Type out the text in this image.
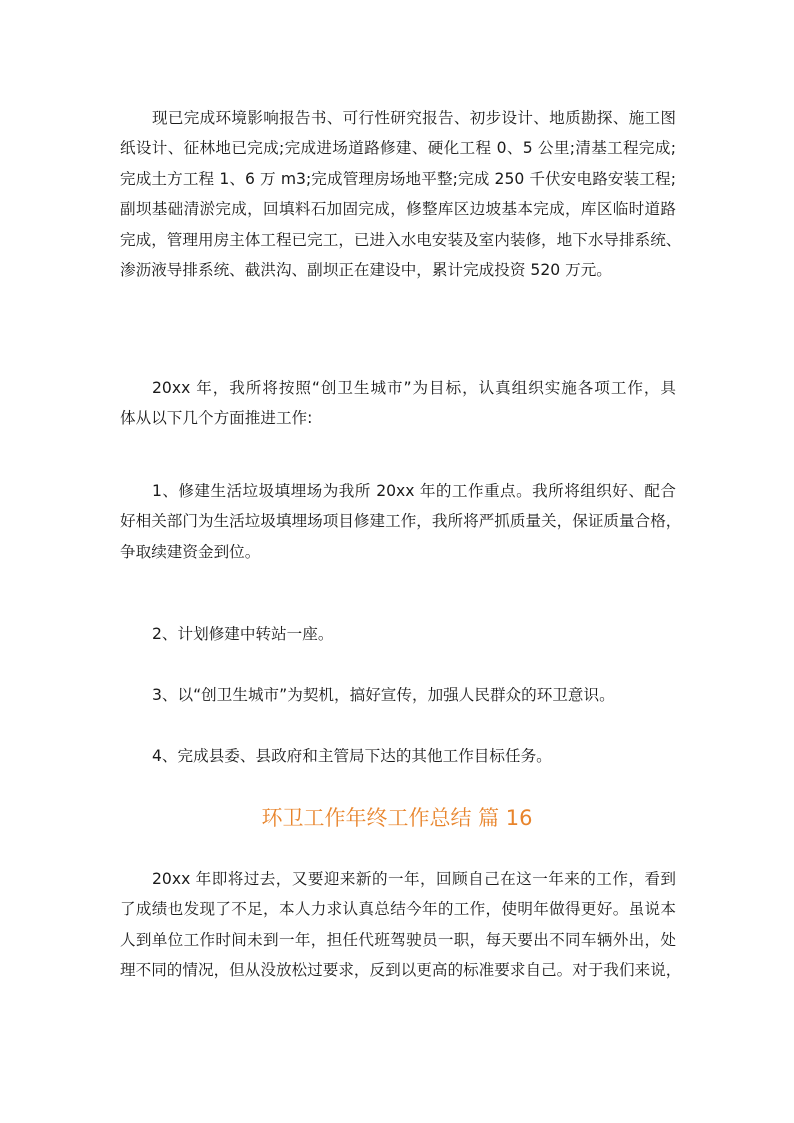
现已完成环境影响报告书、可行性研究报告、初步设计、地质勘探、施工图
纸设计、征林地已完成;完成进场道路修建、硬化工程 0、5 公里;清基工程完成;
完成土方工程 1、6 万 m3;完成管理房场地平整;完成 250 千伏安电路安装工程;
副坝基础清淤完成，回填料石加固完成，修整库区边坡基本完成，库区临时道路
完成，管理用房主体工程已完工，已进入水电安装及室内装修，地下水导排系统、
渗沥液导排系统、截洪沟、副坝正在建设中，累计完成投资 520 万元。

20xx 年，我所将按照“创卫生城市”为目标，认真组织实施各项工作，具
体从以下几个方面推进工作:

1、修建生活垃圾填埋场为我所 20xx 年的工作重点。我所将组织好、配合
好相关部门为生活垃圾填埋场项目修建工作，我所将严抓质量关，保证质量合格，
争取续建资金到位。

2、计划修建中转站一座。

3、以“创卫生城市”为契机，搞好宣传，加强人民群众的环卫意识。

4、完成县委、县政府和主管局下达的其他工作目标任务。

环卫工作年终工作总结 篇 16

20xx 年即将过去，又要迎来新的一年，回顾自己在这一年来的工作，看到
了成绩也发现了不足，本人力求认真总结今年的工作，使明年做得更好。虽说本
人到单位工作时间未到一年，担任代班驾驶员一职，每天要出不同车辆外出，处
理不同的情况，但从没放松过要求，反到以更高的标准要求自己。对于我们来说，
